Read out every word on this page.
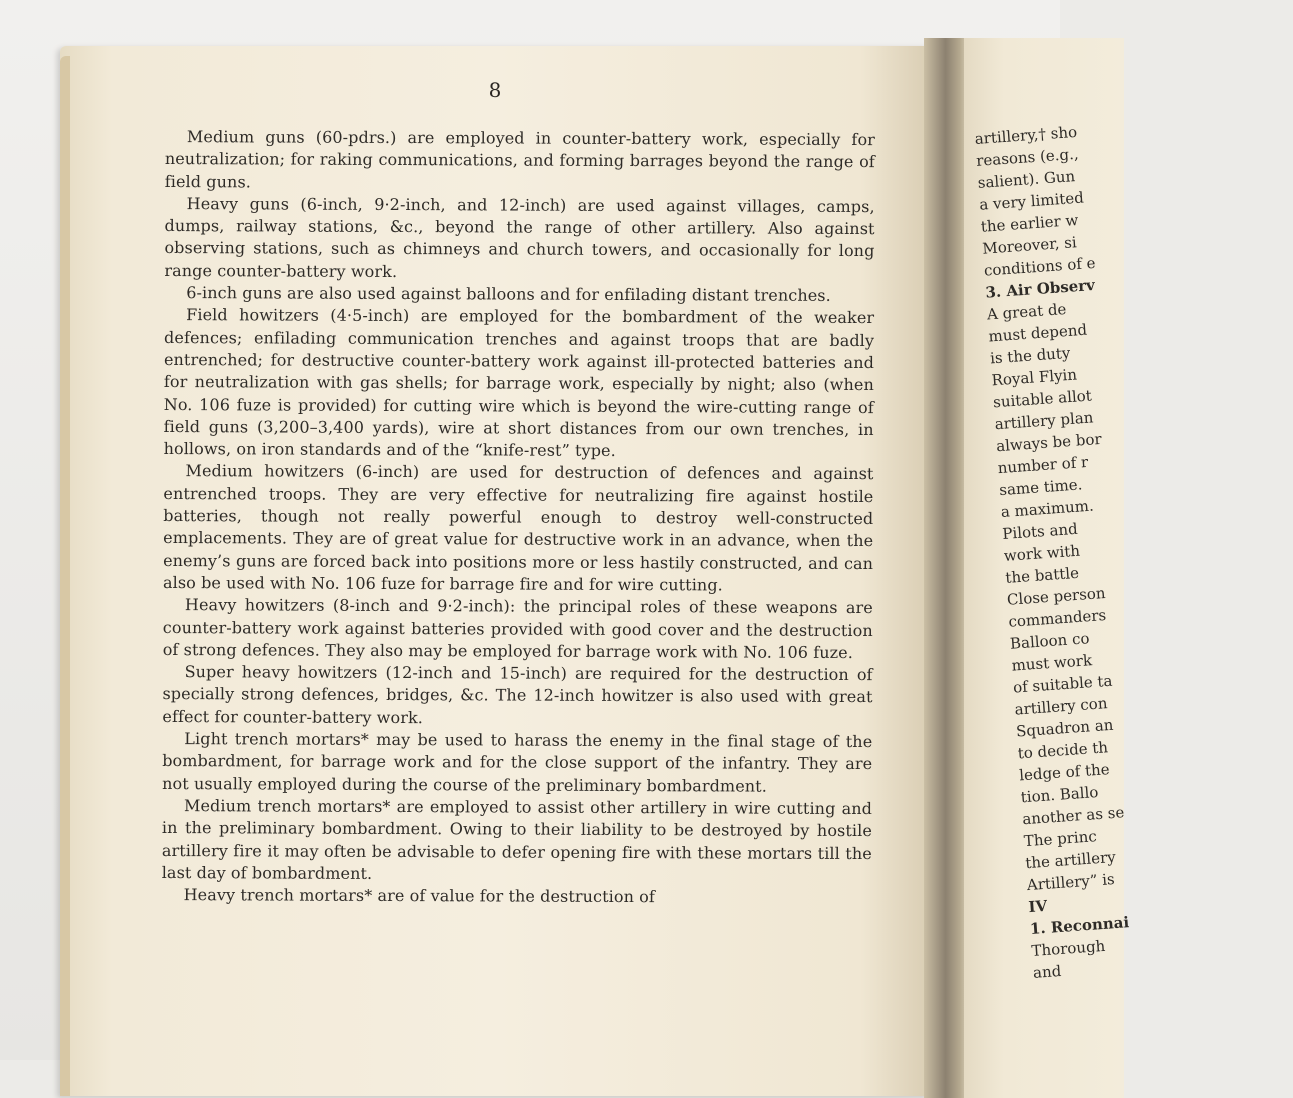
8

Medium guns (60-pdrs.) are employed in counter-battery work, especially for neutralization; for raking communications, and forming barrages beyond the range of field guns.

Heavy guns (6-inch, 9·2-inch, and 12-inch) are used against villages, camps, dumps, railway stations, &c., beyond the range of other artillery. Also against observing stations, such as chimneys and church towers, and occasionally for long range counter-battery work.

6-inch guns are also used against balloons and for enfilading distant trenches.

Field howitzers (4·5-inch) are employed for the bombardment of the weaker defences; enfilading communication trenches and against troops that are badly entrenched; for destructive counter-battery work against ill-protected batteries and for neutralization with gas shells; for barrage work, especially by night; also (when No. 106 fuze is provided) for cutting wire which is beyond the wire-cutting range of field guns (3,200–3,400 yards), wire at short distances from our own trenches, in hollows, on iron standards and of the “knife-rest” type.

Medium howitzers (6-inch) are used for destruction of defences and against entrenched troops. They are very effective for neutralizing fire against hostile batteries, though not really powerful enough to destroy well-constructed emplacements. They are of great value for destructive work in an advance, when the enemy’s guns are forced back into positions more or less hastily constructed, and can also be used with No. 106 fuze for barrage fire and for wire cutting.

Heavy howitzers (8-inch and 9·2-inch): the principal roles of these weapons are counter-battery work against batteries provided with good cover and the destruction of strong defences. They also may be employed for barrage work with No. 106 fuze.

Super heavy howitzers (12-inch and 15-inch) are required for the destruction of specially strong defences, bridges, &c. The 12-inch howitzer is also used with great effect for counter-battery work.

Light trench mortars* may be used to harass the enemy in the final stage of the bombardment, for barrage work and for the close support of the infantry. They are not usually employed during the course of the preliminary bombardment.

Medium trench mortars* are employed to assist other artillery in wire cutting and in the preliminary bombardment. Owing to their liability to be destroyed by hostile artillery fire it may often be advisable to defer opening fire with these mortars till the last day of bombardment.

Heavy trench mortars* are of value for the destruction of

artillery,† sho

reasons (e.g.,

salient). Gun

a very limited

the earlier w

Moreover, si

conditions of e

3. Air Observ

A great de

must depend

is the duty

Royal Flyin

suitable allot

artillery plan

always be bor

number of r

same time.

a maximum.

Pilots and

work with

the battle

Close person

commanders

Balloon co

must work

of suitable ta

artillery con

Squadron an

to decide th

ledge of the

tion. Ballo

another as se

The princ

the artillery

Artillery” is

IV

1. Reconnai

Thorough

and
